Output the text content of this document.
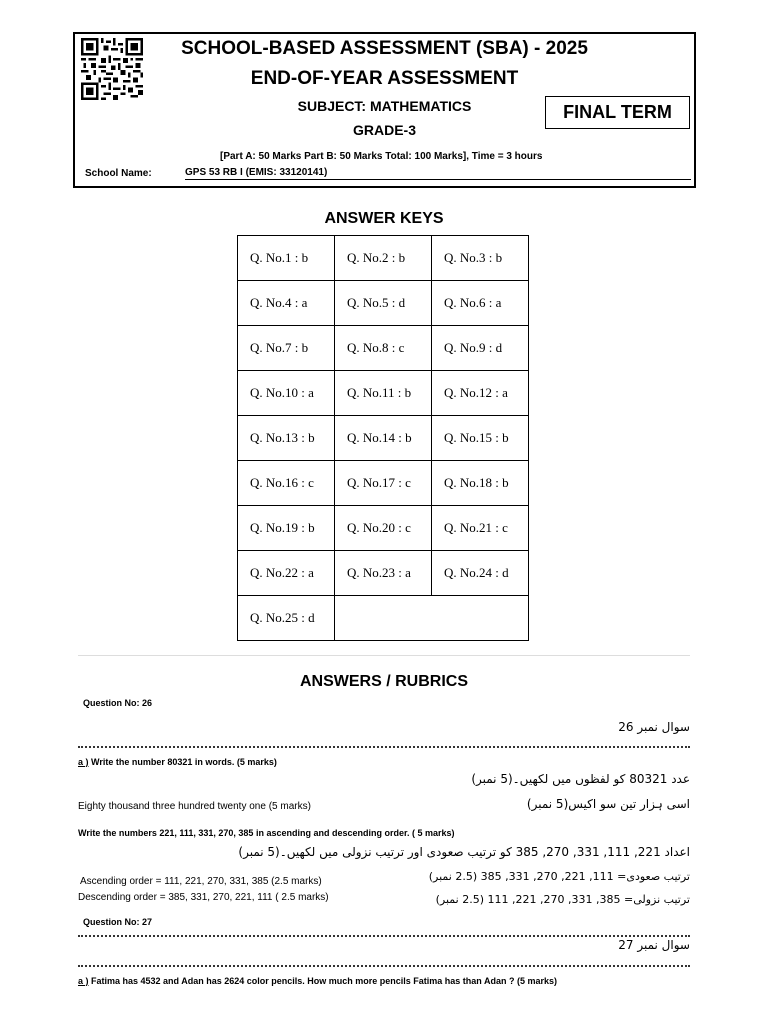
SCHOOL-BASED ASSESSMENT (SBA) - 2025
END-OF-YEAR ASSESSMENT
SUBJECT: MATHEMATICS
GRADE-3
FINAL TERM
[Part A: 50 Marks Part B: 50 Marks Total: 100 Marks], Time = 3 hours
School Name:	GPS 53 RB I (EMIS: 33120141)
ANSWER KEYS
Q. No.1 : b	Q. No.2 : b	Q. No.3 : b
Q. No.4 : a	Q. No.5 : d	Q. No.6 : a
Q. No.7 : b	Q. No.8 : c	Q. No.9 : d
Q. No.10 : a	Q. No.11 : b	Q. No.12 : a
Q. No.13 : b	Q. No.14 : b	Q. No.15 : b
Q. No.16 : c	Q. No.17 : c	Q. No.18 : b
Q. No.19 : b	Q. No.20 : c	Q. No.21 : c
Q. No.22 : a	Q. No.23 : a	Q. No.24 : d
Q. No.25 : d		
ANSWERS / RUBRICS
Question No: 26
سوال نمبر 26
a ) Write the number 80321 in words. (5 marks)
عدد 80321 کو لفظوں میں لکھیں۔(5 نمبر)
Eighty thousand three hundred twenty one (5 marks)	اسی ہزار تین سو اکیس(5 نمبر)
Write the numbers 221, 111, 331, 270, 385 in ascending and descending order. ( 5 marks)
اعداد 221, 111, 331, 270, 385 کو ترتیب صعودی اور ترتیب نزولی میں لکھیں۔(5 نمبر)
Ascending order = 111, 221, 270, 331, 385 (2.5 marks)	ترتیب صعودی= 111, 221, 270, 331, 385 (2.5 نمبر)
Descending order = 385, 331, 270, 221, 111 ( 2.5 marks)	ترتیب نزولی= 385, 331, 270, 221, 111 (2.5 نمبر)
Question No: 27
سوال نمبر 27
a ) Fatima has 4532 and Adan has 2624 color pencils. How much more pencils Fatima has than Adan ? (5 marks)
